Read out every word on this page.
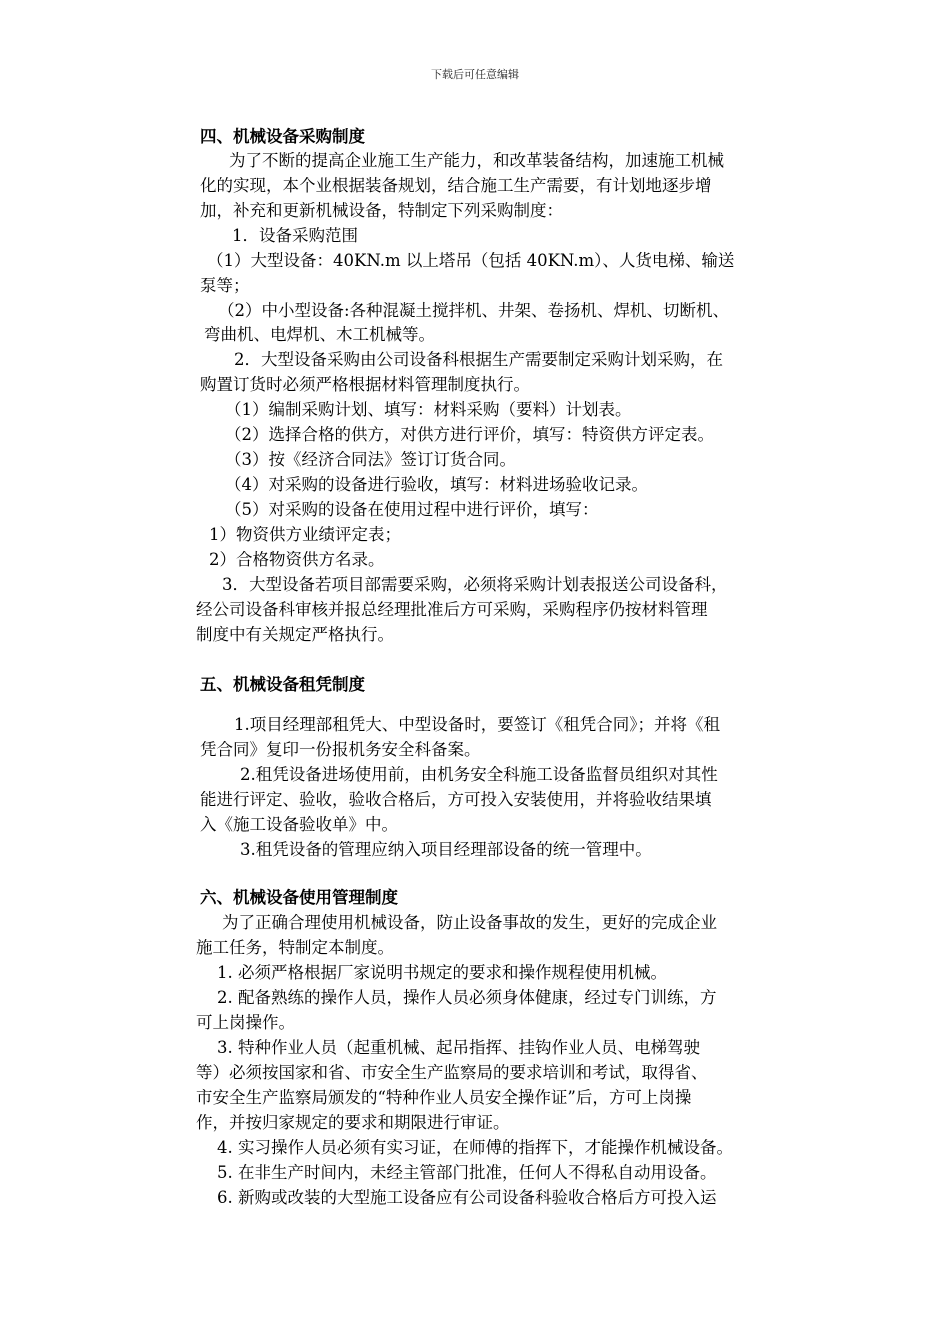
下载后可任意编辑
四、机械设备采购制度
为了不断的提高企业施工生产能力，和改革装备结构，加速施工机械
化的实现，本个业根据装备规划，结合施工生产需要，有计划地逐步增
加，补充和更新机械设备，特制定下列采购制度：
1．设备采购范围
（1）大型设备：40KN.m 以上塔吊（包括 40KN.m）、人货电梯、输送
泵等；
（2）中小型设备:各种混凝土搅拌机、井架、卷扬机、焊机、切断机、
弯曲机、电焊机、木工机械等。
2．大型设备采购由公司设备科根据生产需要制定采购计划采购，在
购置订货时必须严格根据材料管理制度执行。
（1）编制采购计划、填写：材料采购（要料）计划表。
（2）选择合格的供方，对供方进行评价，填写：特资供方评定表。
（3）按《经济合同法》签订订货合同。
（4）对采购的设备进行验收，填写：材料进场验收记录。
（5）对采购的设备在使用过程中进行评价，填写：
1）物资供方业绩评定表；
2）合格物资供方名录。
3．大型设备若项目部需要采购，必须将采购计划表报送公司设备科，
经公司设备科审核并报总经理批准后方可采购，采购程序仍按材料管理
制度中有关规定严格执行。
五、机械设备租凭制度
1.项目经理部租凭大、中型设备时，要签订《租凭合同》；并将《租
凭合同》复印一份报机务安全科备案。
2.租凭设备进场使用前，由机务安全科施工设备监督员组织对其性
能进行评定、验收，验收合格后，方可投入安装使用，并将验收结果填
入《施工设备验收单》中。
3.租凭设备的管理应纳入项目经理部设备的统一管理中。
六、机械设备使用管理制度
为了正确合理使用机械设备，防止设备事故的发生，更好的完成企业
施工任务，特制定本制度。
1. 必须严格根据厂家说明书规定的要求和操作规程使用机械。
2. 配备熟练的操作人员，操作人员必须身体健康，经过专门训练，方
可上岗操作。
3. 特种作业人员（起重机械、起吊指挥、挂钩作业人员、电梯驾驶
等）必须按国家和省、市安全生产监察局的要求培训和考试，取得省、
市安全生产监察局颁发的“特种作业人员安全操作证”后，方可上岗操
作，并按归家规定的要求和期限进行审证。
4. 实习操作人员必须有实习证，在师傅的指挥下，才能操作机械设备。
5. 在非生产时间内，未经主管部门批准，任何人不得私自动用设备。
6. 新购或改装的大型施工设备应有公司设备科验收合格后方可投入运
